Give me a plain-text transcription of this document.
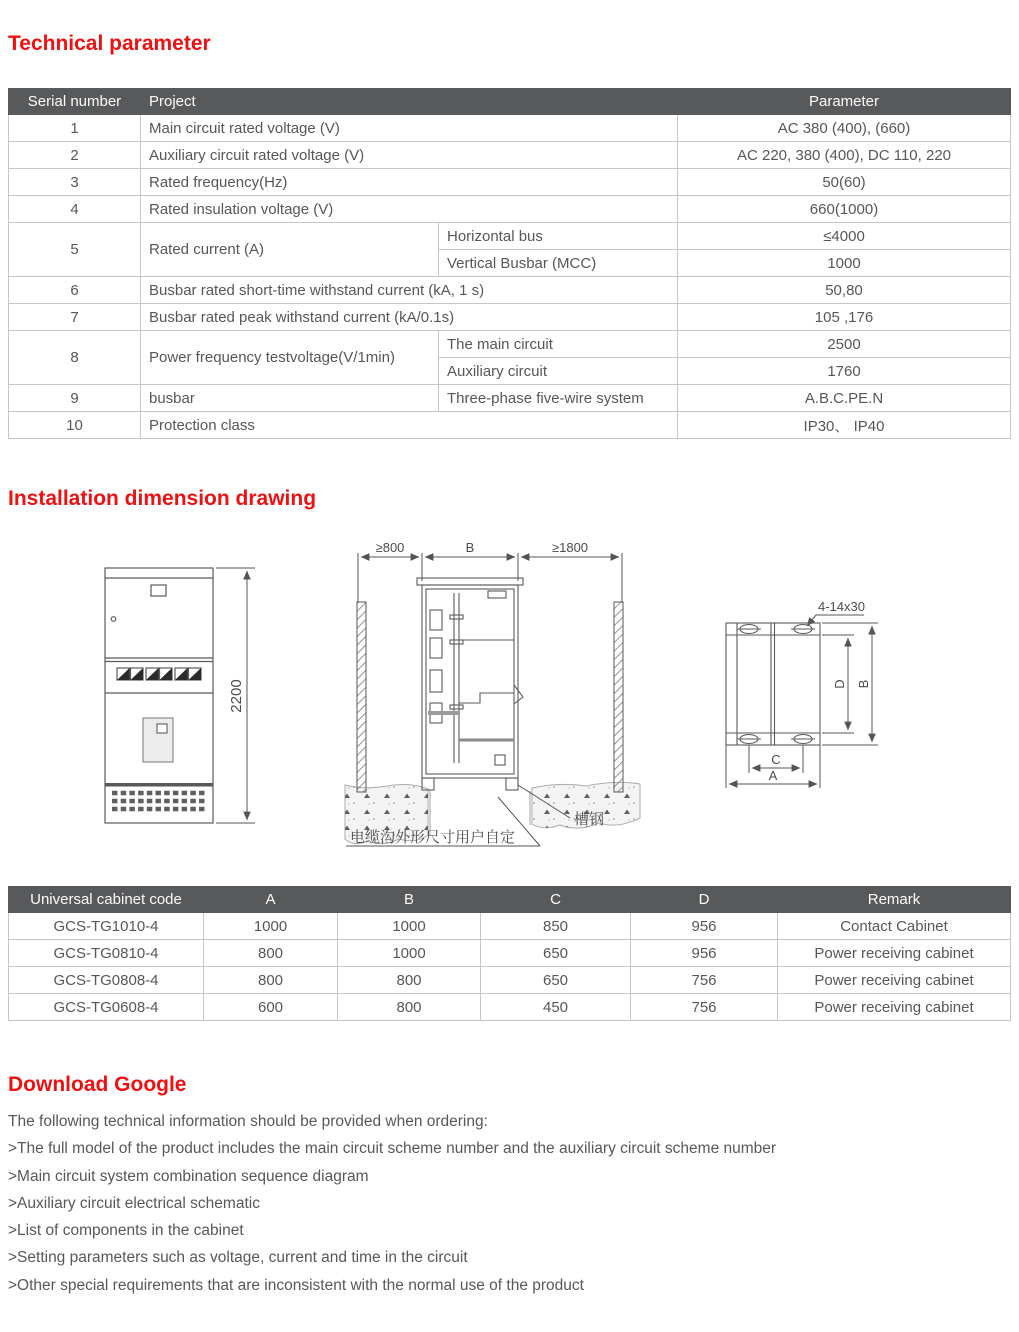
Technical parameter
Serial number	Project		Parameter
1	Main circuit rated voltage (V)		AC 380 (400), (660)
2	Auxiliary circuit rated voltage (V)		AC 220, 380 (400), DC 110, 220
3	Rated frequency(Hz)		50(60)
4	Rated insulation voltage (V)		660(1000)
5	Rated current (A)	Horizontal bus	≤4000
		Vertical Busbar (MCC)	1000
6	Busbar rated short-time withstand current (kA, 1 s)		50,80
7	Busbar rated peak withstand current (kA/0.1s)		105 ,176
8	Power frequency testvoltage(V/1min)	The main circuit	2500
		Auxiliary circuit	1760
9	busbar	Three-phase five-wire system	A.B.C.PE.N
10	Protection class		IP30、 IP40
Installation dimension drawing
2200
≥800	B	≥1800
槽钢
电缆沟外形尺寸用户自定
4-14x30
D B
C
A
Universal cabinet code	A	B	C	D	Remark
GCS-TG1010-4	1000	1000	850	956	Contact Cabinet
GCS-TG0810-4	800	1000	650	956	Power receiving cabinet
GCS-TG0808-4	800	800	650	756	Power receiving cabinet
GCS-TG0608-4	600	800	450	756	Power receiving cabinet
Download Google
The following technical information should be provided when ordering:
>The full model of the product includes the main circuit scheme number and the auxiliary circuit scheme number
>Main circuit system combination sequence diagram
>Auxiliary circuit electrical schematic
>List of components in the cabinet
>Setting parameters such as voltage, current and time in the circuit
>Other special requirements that are inconsistent with the normal use of the product
